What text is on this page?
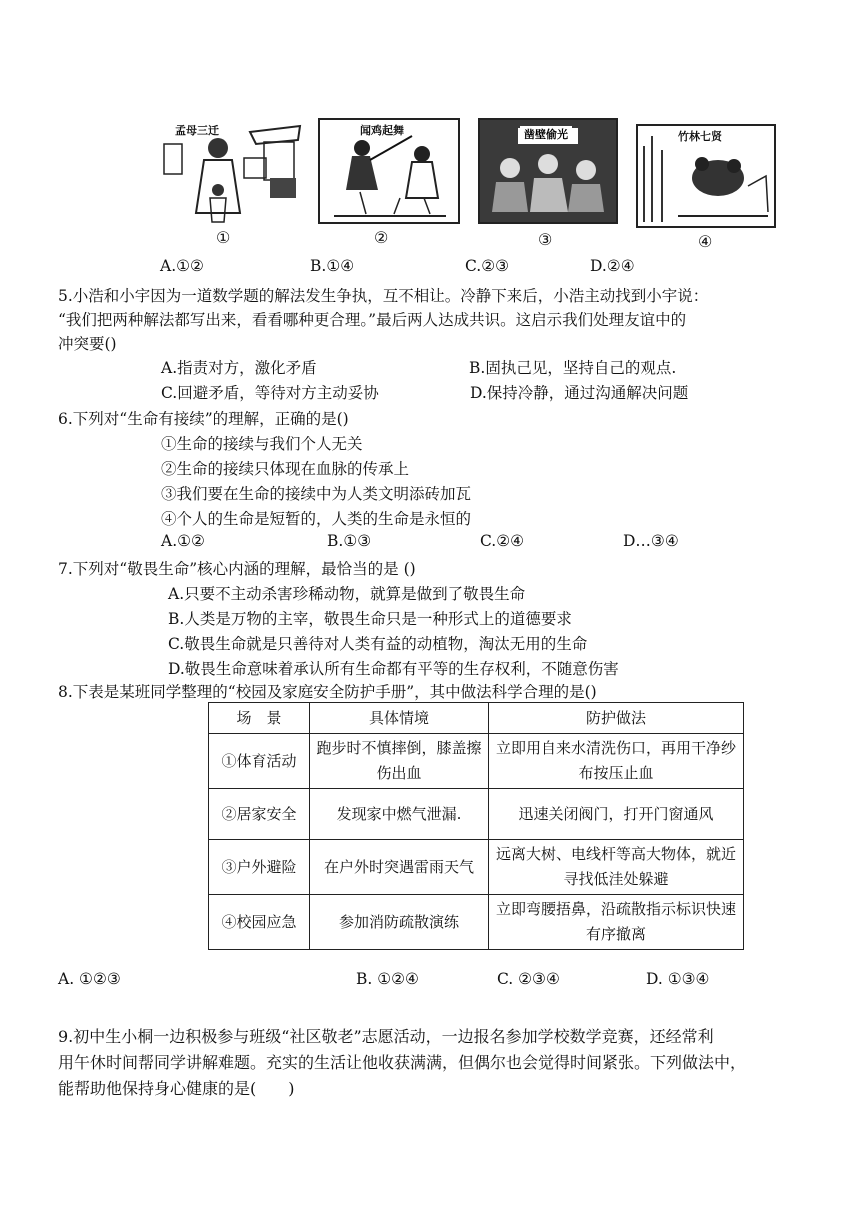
孟母三迁	闻鸡起舞	凿壁偷光	竹林七贤
①	②	③	④
A.①②	B.①④	C.②③	D.②④
5.小浩和小宇因为一道数学题的解法发生争执，互不相让。冷静下来后，小浩主动找到小宇说：
“我们把两种解法都写出来，看看哪种更合理。”最后两人达成共识。这启示我们处理友谊中的
冲突要()
A.指责对方，激化矛盾	B.固执己见，坚持自己的观点.
C.回避矛盾，等待对方主动妥协	D.保持冷静，通过沟通解决问题
6.下列对“生命有接续”的理解，正确的是()
①生命的接续与我们个人无关
②生命的接续只体现在血脉的传承上
③我们要在生命的接续中为人类文明添砖加瓦
④个人的生命是短暂的，人类的生命是永恒的
A.①②	B.①③	C.②④	D…③④
7.下列对“敬畏生命”核心内涵的理解，最恰当的是 ()
A.只要不主动杀害珍稀动物，就算是做到了敬畏生命
B.人类是万物的主宰，敬畏生命只是一种形式上的道德要求
C.敬畏生命就是只善待对人类有益的动植物，淘汰无用的生命
D.敬畏生命意味着承认所有生命都有平等的生存权利，不随意伤害
8.下表是某班同学整理的“校园及家庭安全防护手册”，其中做法科学合理的是()
场　景	具体情境	防护做法
①体育活动	跑步时不慎摔倒，膝盖擦伤出血	立即用自来水清洗伤口，再用干净纱布按压止血
②居家安全	发现家中燃气泄漏.	迅速关闭阀门，打开门窗通风
③户外避险	在户外时突遇雷雨天气	远离大树、电线杆等高大物体，就近寻找低洼处躲避
④校园应急	参加消防疏散演练	立即弯腰捂鼻，沿疏散指示标识快速有序撤离
A. ①②③	B. ①②④	C. ②③④	D. ①③④
9.初中生小桐一边积极参与班级“社区敬老”志愿活动，一边报名参加学校数学竞赛，还经常利
用午休时间帮同学讲解难题。充实的生活让他收获满满，但偶尔也会觉得时间紧张。下列做法中，
能帮助他保持身心健康的是(　　)
